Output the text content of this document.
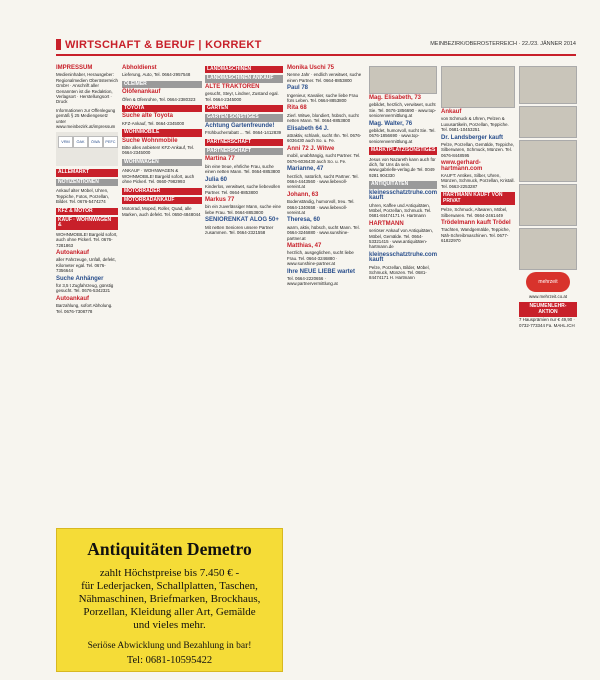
WIRTSCHAFT & BERUF | KORREKT	MEINBEZIRK/OBEROSTERREICH · 22./23. JÄNNER 2014
IMPRESSUM
Medieninhaber, Herausgeber: Regionalmedien Oberösterreich GmbH · Anschrift aller Genannten ist die Redaktion, Verlagsort · Herstellungsort · Druck
Informationen zur Offenlegung gemäß § 25 Mediengesetz unter www.meinbezirk.at/impressum
VRM	ÖAK	ÖWA	PEFC
ALLEMARKT
NOTIZENTIONEN
Ankauf alter Möbel, Uhren, Teppiche, Fotos, Porzellan, Bilder. Tel. 0676-5474274
KFZ & MOTOR
KAUF · WOHNWAGEN &
WOHNMOBILE! Bargeld sofort, auch ohne Pickerl. Tel. 0676-7281863
Autoankauf
aller Fahrzeuge, Unfall, defekt, Kilometer egal. Tel. 0676-7356644
Suche Anhänger
für 3,5 t Zugfahrzeug, günstig gesucht. Tel. 0676-5342321
Autoankauf
Barzahlung, sofort Abholung. Tel. 0676-7308778
Abholdienst
Lieferung, Auto, Tel. 0664-2957548
ÖLEIMER
Ölöfenankauf
Öfen & Ofenrohre, Tel. 0664-2380323
TOYOTA
Suche alte Toyota
KFZ-Ankauf, Tel. 0664-2345000
WOHNMOBILE
Suche Wohnmobile
Bitte alles anbieten! KFZ-Ankauf, Tel. 0664-2345000
WOHNWAGEN
ANKAUF · WOHNWAGEN & WOHNMOBILE! Bargeld sofort, auch ohne Pickerl. Tel. 0660-7982993
MOTORRÄDER
MOTORRADANKAUF
Motorrad, Moped, Roller, Quad, alle Marken, auch defekt. Tel. 0650-4848044
LANDMASCHINEN
LANDMASCHINEN ANKAUF
ALTE TRAKTOREN
gesucht, Steyr, Lindner, Zustand egal. Tel. 0664-2345000
GARTEN
GARTEN SONSTIGES
Achtung Gartenfreunde!
Frühbucherrabatt ... Tel. 0664-1412839
PARTNERSCHAFT
PARTNERSCHAFT
Martina 77
bin eine treue, ehrliche Frau, suche einen netten Mann. Tel. 0664-8853800
Julia 60
Kinderlos, verwitwet, suche liebevollen Partner. Tel. 0664-8853800
Markus 77
bin ein zuverlässiger Mann, suche eine liebe Frau. Tel. 0664-8853800
SENIORENKAT ALOG 50+
Mit netten Senioren unsere Partner zusammen. Tel. 0664-2321558
Monika Uschi 75
Nenne Jahr · endlich verwitwet, suche einen Partner. Tel. 0664-8853800
Paul 78
Ingenieur, Kavalier, suche liebe Frau fürs Leben. Tel. 0664-8853800
Rita 68
Zierl. Witwe, blondiert, hübsch, sucht netten Mann. Tel. 0664-8853800
Elisabeth 64 J.
attraktiv, schlank, sucht Ihn. Tel. 0676-6036430 auch So. u. Fe.
Anni 72 J. Witwe
mobil, unabhängig, sucht Partner. Tel. 0676-6036430 auch So. u. Fe.
Marianne, 47
herzlich, natürlich, sucht Partner. Tel. 0664-4443560 · www.liebevoll-vereint.at
Johann, 63
Bodenständig, humorvoll, treu. Tel. 0664-1340658 · www.liebevoll-vereint.at
Theresa, 60
warm, aktiv, hübsch, sucht Mann. Tel. 0664-3246880 · www.sunshine-partner.at
Matthias, 47
herzlich, ausgeglichen, sucht liebe Frau. Tel. 0664-3246880 · www.sunshine-partner.at
Ihre NEUE LIEBE wartet
Tel. 0664-2220656 · www.partnervermittlung.at
Mag. Elisabeth, 73
gebildet, herzlich, verwitwet, sucht Sie. Tel. 0676-1856690 · www.top-seniorenvermittlung.at
Mag. Walter, 76
gebildet, humorvoll, sucht Sie. Tel. 0676-1856690 · www.top-seniorenvermittlung.at
MARKTPLATZ/SONSTIGES
Jesus von Nazareth kann auch für dich, für Uns da sein. www.gabrielle-verlag.de Tel. 0049 9281 904330
ANTIQUITÄTEN
kleinesschatztruhe.com kauft
Uhren, Kaffee und Antiquitäten, Möbel, Porzellan, Schmuck. Tel. 0681-84474171 H. Hartmann
HARTMANN
seriöser Ankauf von Antiquitäten, Möbel, Gemälde. Tel. 0664-53321415 · www.antiquitäten-hartmann.de
kleinesschatztruhe.com kauft
Pelze, Porzellan, Bilder, Möbel, Schmuck, Münzen. Tel. 0681-84474171 H. Hartmann
Ankauf
von Schmuck & Uhren, Pelzen & Luxusartikeln, Porzellan, Teppiche. Tel. 0681-10453251
Dr. Landsberger kauft
Pelze, Porzellan, Gemälde, Teppiche, Silberwaren, Schmuck, Münzen. Tel. 0676-8448595
www.gerhard-hartmann.com
KAUFT: Antikes, Silber, Uhren, Münzen, Schmuck, Porzellan, Kristall. Tel. 0663-2253287
HARTMANN KAUFT VON PRIVAT
Pelze, Schmuck, Altwaren, Möbel, Silberwaren. Tel. 0664-2461449
Trödelmann kauft Trödel
Trachten, Wandgemälde, Teppiche, Näh-Schreibmaschinen. Tel. 0677-61822970
mehrzeit
www.mehrzeit.co.at
NEUMENLEHR-AKTION
7 Hausprämien nur € 49,90 · 0732-773344 Fa. MAHL.ICH
Antiquitäten Demetro
zahlt Höchstpreise bis 7.450 € -
für Lederjacken, Schallplatten, Taschen,
Nähmaschinen, Briefmarken, Brockhaus,
Porzellan, Kleidung aller Art, Gemälde
und vieles mehr.
Seriöse Abwicklung und Bezahlung in bar!
Tel: 0681-10595422
